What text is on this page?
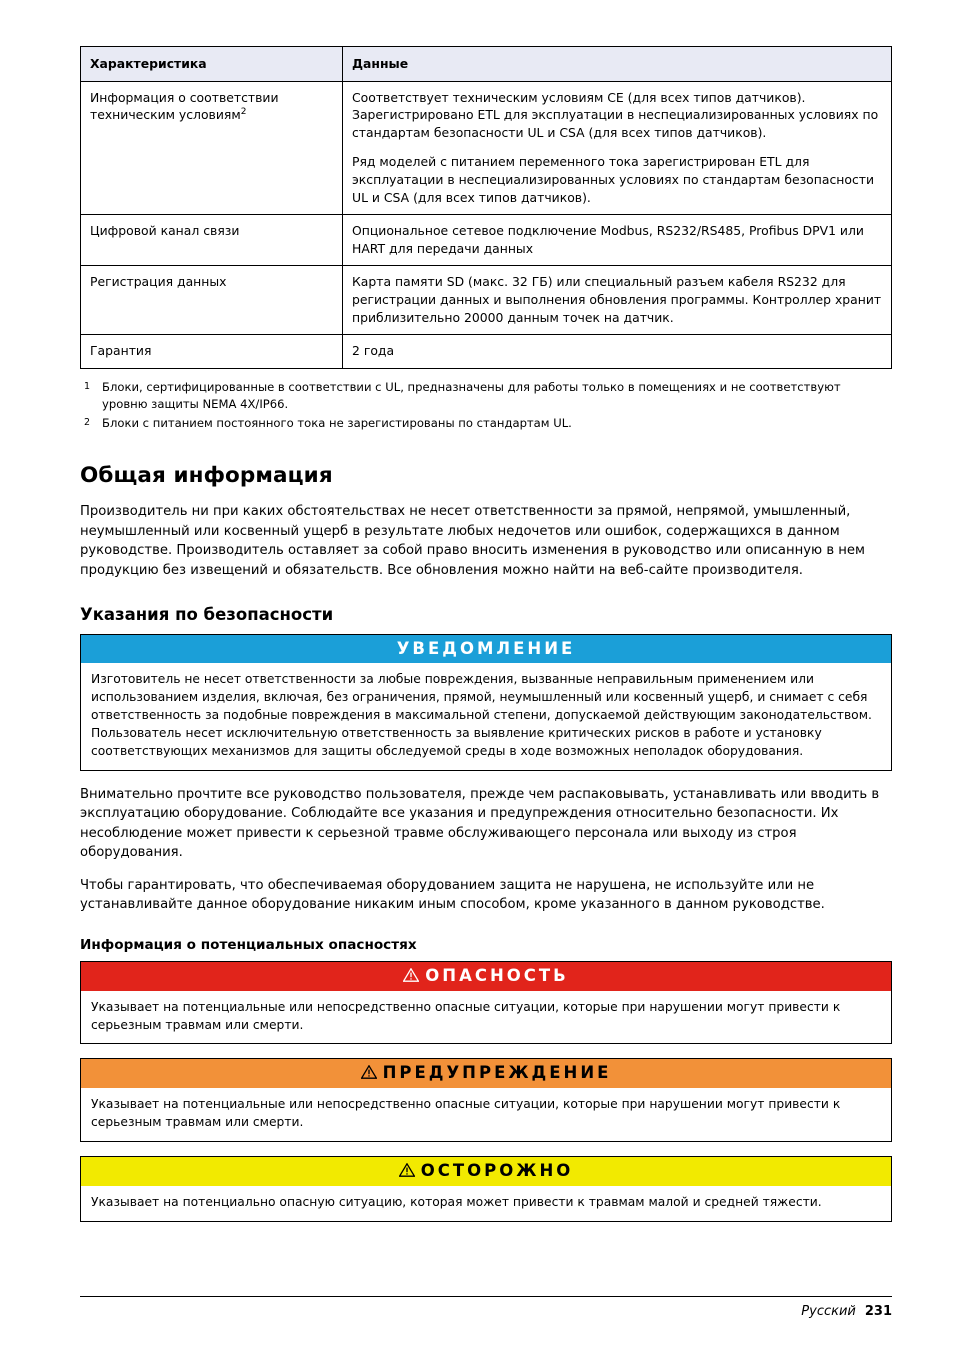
Характеристика	Данные
Информация о соответствии техническим условиям$^2$	Соответствует техническим условиям CE (для всех типов датчиков). Зарегистрировано ETL для эксплуатации в неспециализированных условиях по стандартам безопасности UL и CSA (для всех типов датчиков).

Ряд моделей с питанием переменного тока зарегистрирован ETL для эксплуатации в неспециализированных условиях по стандартам безопасности UL и CSA (для всех типов датчиков).

Цифровой канал связи	Опциональное сетевое подключение Modbus, RS232/RS485, Profibus DPV1 или HART для передачи данных

Регистрация данных	Карта памяти SD (макс. 32 ГБ) или специальный разъем кабеля RS232 для регистрации данных и выполнения обновления программы. Контроллер хранит приблизительно 20000 данным точек на датчик.

Гарантия	2 года

1	Блоки, сертифицированные в соответствии с UL, предназначены для работы только в помещениях и не соответствуют уровню защиты NEMA 4X/IP66.
2	Блоки с питанием постоянного тока не зарегистированы по стандартам UL.
Общая информация

Производитель ни при каких обстоятельствах не несет ответственности за прямой, непрямой, умышленный, неумышленный или косвенный ущерб в результате любых недочетов или ошибок, содержащихся в данном руководстве. Производитель оставляет за собой право вносить изменения в руководство или описанную в нем продукцию без извещений и обязательств. Все обновления можно найти на веб-сайте производителя.

Указания по безопасности
УВЕДОМЛЕНИЕ

Изготовитель не несет ответственности за любые повреждения, вызванные неправильным применением или использованием изделия, включая, без ограничения, прямой, неумышленный или косвенный ущерб, и снимает с себя ответственность за подобные повреждения в максимальной степени, допускаемой действующим законодательством. Пользователь несет исключительную ответственность за выявление критических рисков в работе и установку соответствующих механизмов для защиты обследуемой среды в ходе возможных неполадок оборудования.

Внимательно прочтите все руководство пользователя, прежде чем распаковывать, устанавливать или вводить в эксплуатацию оборудование. Соблюдайте все указания и предупреждения относительно безопасности. Их несоблюдение может привести к серьезной травме обслуживающего персонала или выходу из строя оборудования.

Чтобы гарантировать, что обеспечиваемая оборудованием защита не нарушена, не используйте или не устанавливайте данное оборудование никаким иным способом, кроме указанного в данном руководстве.

Информация о потенциальных опасностях
ОПАСНОСТЬ

Указывает на потенциальные или непосредственно опасные ситуации, которые при нарушении могут привести к серьезным травмам или смерти.

ПРЕДУПРЕЖДЕНИЕ

Указывает на потенциальные или непосредственно опасные ситуации, которые при нарушении могут привести к серьезным травмам или смерти.

ОСТОРОЖНО

Указывает на потенциально опасную ситуацию, которая может привести к травмам малой и средней тяжести.

Русский 231
